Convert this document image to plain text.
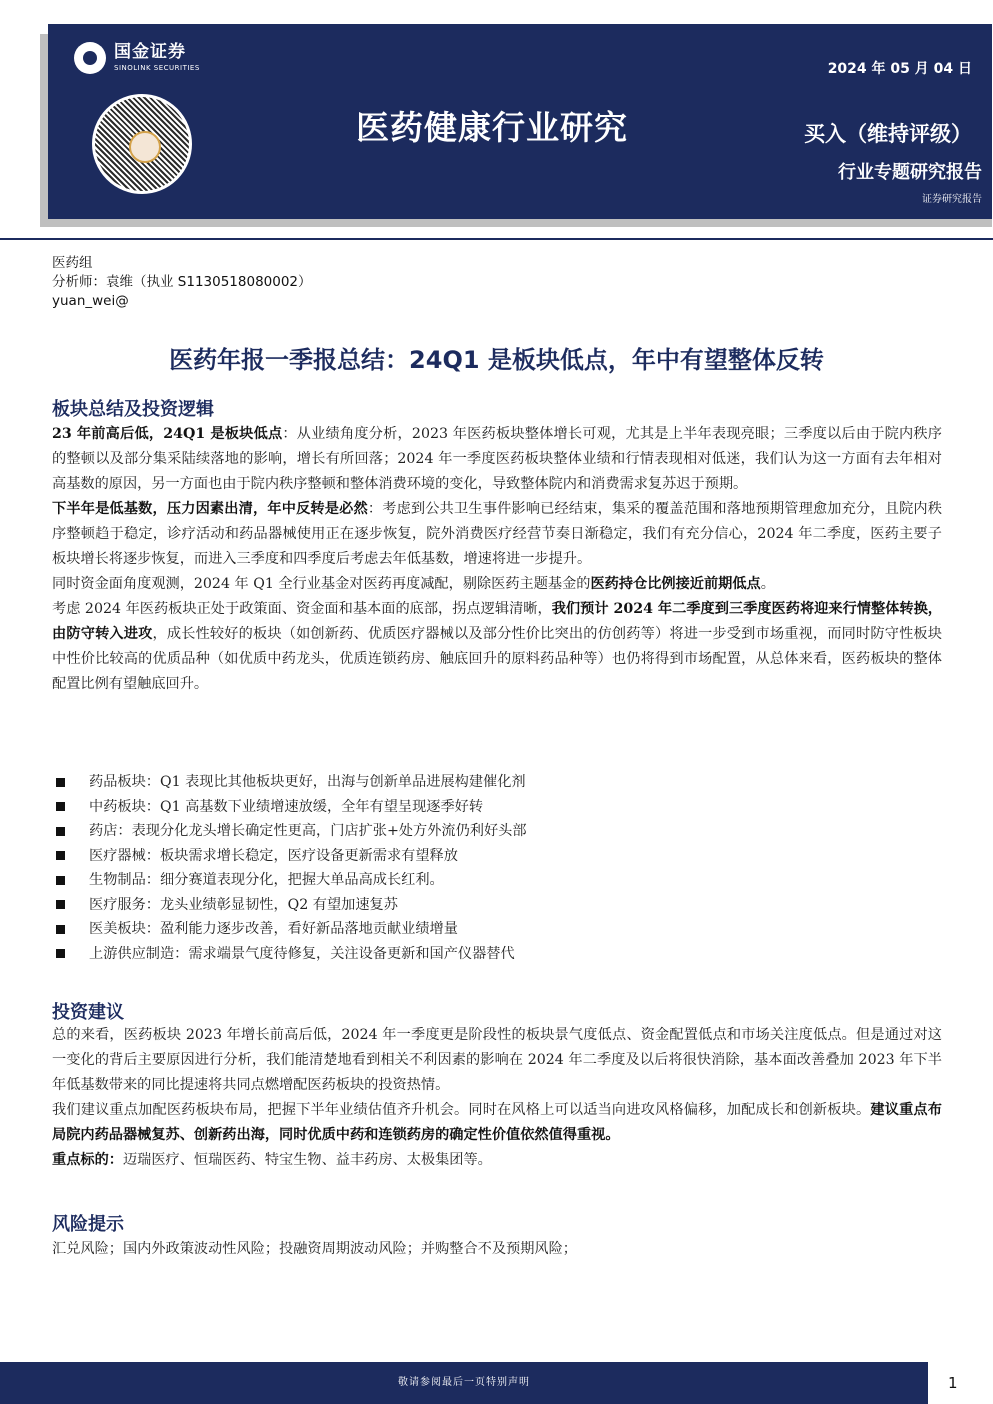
国金证券
SINOLINK SECURITIES
医药健康行业研究
2024 年 05 月 04 日
买入（维持评级）
行业专题研究报告
证券研究报告
医药组
分析师：袁维（执业 S1130518080002）
yuan_wei@
医药年报一季报总结：24Q1 是板块低点，年中有望整体反转
板块总结及投资逻辑

23 年前高后低，24Q1 是板块低点：从业绩角度分析，2023 年医药板块整体增长可观，尤其是上半年表现亮眼；三季度以后由于院内秩序的整顿以及部分集采陆续落地的影响，增长有所回落；2024 年一季度医药板块整体业绩和行情表现相对低迷，我们认为这一方面有去年相对高基数的原因，另一方面也由于院内秩序整顿和整体消费环境的变化，导致整体院内和消费需求复苏迟于预期。

下半年是低基数，压力因素出清，年中反转是必然：考虑到公共卫生事件影响已经结束，集采的覆盖范围和落地预期管理愈加充分，且院内秩序整顿趋于稳定，诊疗活动和药品器械使用正在逐步恢复，院外消费医疗经营节奏日渐稳定，我们有充分信心，2024 年二季度，医药主要子板块增长将逐步恢复，而进入三季度和四季度后考虑去年低基数，增速将进一步提升。

同时资金面角度观测，2024 年 Q1 全行业基金对医药再度减配，剔除医药主题基金的医药持仓比例接近前期低点。

考虑 2024 年医药板块正处于政策面、资金面和基本面的底部，拐点逻辑清晰，我们预计 2024 年二季度到三季度医药将迎来行情整体转换，由防守转入进攻，成长性较好的板块（如创新药、优质医疗器械以及部分性价比突出的仿创药等）将进一步受到市场重视，而同时防守性板块中性价比较高的优质品种（如优质中药龙头，优质连锁药房、触底回升的原料药品种等）也仍将得到市场配置，从总体来看，医药板块的整体配置比例有望触底回升。

药品板块：Q1 表现比其他板块更好，出海与创新单品进展构建催化剂
中药板块：Q1 高基数下业绩增速放缓，全年有望呈现逐季好转
药店：表现分化龙头增长确定性更高，门店扩张+处方外流仍利好头部
医疗器械：板块需求增长稳定，医疗设备更新需求有望释放
生物制品：细分赛道表现分化，把握大单品高成长红利。
医疗服务：龙头业绩彰显韧性，Q2 有望加速复苏
医美板块：盈利能力逐步改善，看好新品落地贡献业绩增量
上游供应制造：需求端景气度待修复，关注设备更新和国产仪器替代
投资建议

总的来看，医药板块 2023 年增长前高后低，2024 年一季度更是阶段性的板块景气度低点、资金配置低点和市场关注度低点。但是通过对这一变化的背后主要原因进行分析，我们能清楚地看到相关不利因素的影响在 2024 年二季度及以后将很快消除，基本面改善叠加 2023 年下半年低基数带来的同比提速将共同点燃增配医药板块的投资热情。

我们建议重点加配医药板块布局，把握下半年业绩估值齐升机会。同时在风格上可以适当向进攻风格偏移，加配成长和创新板块。建议重点布局院内药品器械复苏、创新药出海，同时优质中药和连锁药房的确定性价值依然值得重视。

重点标的：迈瑞医疗、恒瑞医药、特宝生物、益丰药房、太极集团等。

风险提示

汇兑风险；国内外政策波动性风险；投融资周期波动风险；并购整合不及预期风险；

敬请参阅最后一页特别声明	1
